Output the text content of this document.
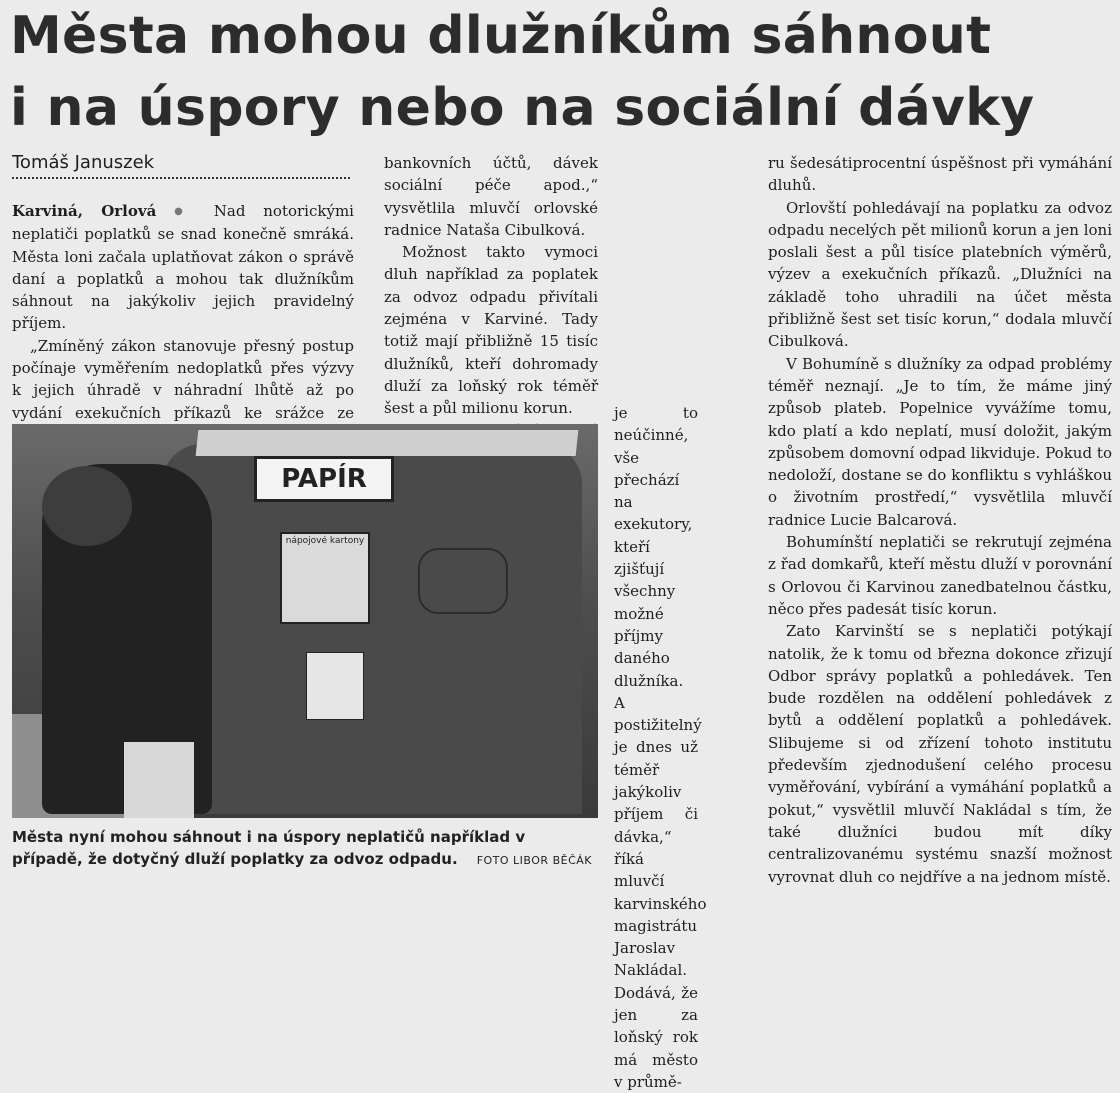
Města mohou dlužníkům sáhnout
i na úspory nebo na sociální dávky
Tomáš Januszek

Karviná, Orlová ● Nad notorickými neplatiči poplatků se snad konečně smráká. Města loni začala uplatňovat zákon o správě daní a poplatků a mohou tak dlužníkům sáhnout na jakýkoliv jejich pravidelný příjem.

„Zmíněný zákon stanovuje přesný postup počínaje vyměřením nedoplatků přes výzvy k jejich úhradě v náhradní lhůtě až po vydání exekučních příkazů ke srážce ze

bankovních účtů, dávek sociální péče apod.,“ vysvětlila mluvčí orlovské radnice Nataša Cibulková.

Možnost takto vymoci dluh například za poplatek za odvoz odpadu přivítali zejména v Karviné. Tady totiž mají přibližně 15 tisíc dlužníků, kteří dohromady dluží za loňský rok téměř šest a půl milionu korun.	je to neúčinné, vše přechází na exekutory, kteří zjišťují všechny možné příjmy daného dlužníka. A postižitelný je dnes už téměř jakýkoliv příjem či dávka,“ říká mluvčí karvinského magistrátu Jaroslav Nakládal. Dodává, že jen za loňský rok má město v průmě-

ru šedesátiprocentní úspěšnost při vymáhání dluhů.

Orlovští pohledávají na poplatku za odvoz odpadu necelých pět milionů korun a jen loni poslali šest a půl tisíce platebních výměrů, výzev a exekučních příkazů. „Dlužníci na základě toho uhradili na účet města přibližně šest set tisíc korun,“ dodala mluvčí Cibulková.

V Bohumíně s dlužníky za odpad problémy téměř neznají. „Je to tím, že máme jiný způsob plateb. Popelnice vyvážíme tomu, kdo platí a kdo neplatí, musí doložit, jakým způsobem domovní odpad likviduje. Pokud to nedoloží, dostane se do konfliktu s vyhláškou o životním prostředí,“ vysvětlila mluvčí radnice Lucie Balcarová.

Bohumínští neplatiči se rekrutují zejména z řad domkařů, kteří městu dluží v porovnání s Orlovou či Karvinou zanedbatelnou částku, něco přes padesát tisíc korun.

Zato Karvinští se s neplatiči potýkají natolik, že k tomu od března dokonce zřizují Odbor správy poplatků a pohledávek. Ten bude rozdělen na oddělení pohledávek z bytů a oddělení poplatků a pohledávek. Slibujeme si od zřízení tohoto institutu především zjednodušení celého procesu vyměřování, vybírání a vymáhání poplatků a pokut,“ vysvětlil mluvčí Nakládal s tím, že také dlužníci budou mít díky centralizovanému systému snazší možnost vyrovnat dluh co nejdříve a na jednom místě.

PAPÍR
nápojové kartony
Města nyní mohou sáhnout i na úspory neplatičů například v případě, že dotyčný dluží poplatky za odvoz odpadu. FOTO LIBOR BĚČÁK
